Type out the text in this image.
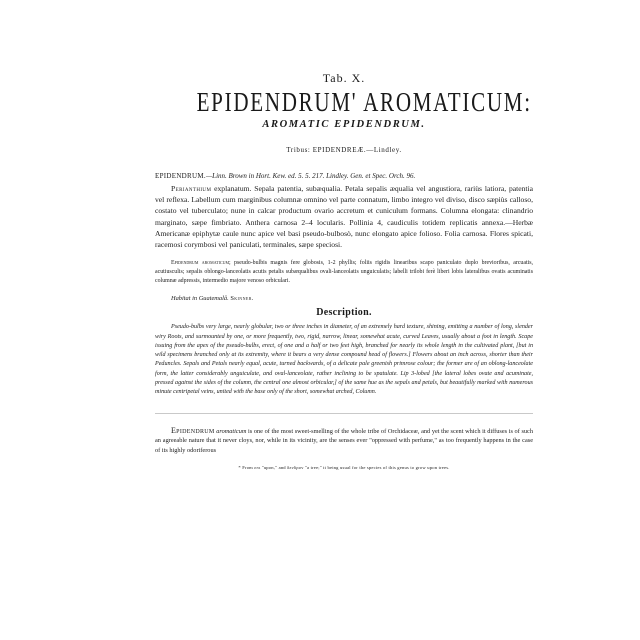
Tab. X.
EPIDENDRUM' AROMATICUM:
AROMATIC EPIDENDRUM.
Tribus: EPIDENDREÆ.—Lindley.
EPIDENDRUM.—Linn. Brown in Hort. Kew. ed. 5. 5. 217. Lindley. Gen. et Spec. Orch. 96.
Perianthium explanatum. Sepala patentia, subæqualia. Petala sepalis æqualia vel angustiora, rariùs latiora, patentia vel reflexa. Labellum cum marginibus columnæ omnino vel parte connatum, limbo integro vel diviso, disco sæpiùs calloso, costato vel tuberculato; nune in calcar productum ovario accretum et cuniculum formans. Columna elongata: clinandrio marginato, sæpe fimbriato. Anthera carnosa 2–4 locularis. Pollinia 4, caudiculis totidem replicatis annexa.—Herbæ Americanæ epiphytæ caule nunc apice vel basi pseudo-bulbosò, nunc elongato apice folioso. Folia carnosa. Flores spicati, racemosi corymbosi vel paniculati, terminales, sæpe speciosi.
Epidendrum aromaticum; pseudo-bulbis magnis fere globosis, 1-2 phyllis; foliis rigidis linearibus scapo paniculato duplo brevioribus, arcuatis, acutiusculis; sepalis oblongo-lanceolatis acutis petalis subæqualibus ovali-lanceolatis unguiculatis; labelli trilobi ferè liberi lobis lateralibus ovatis acuminatis columnæ adpressis, intermedio majore venoso orbiculari.
Habitat in Guatemalâ. Skinner.
Description.
Pseudo-bulbs very large, nearly globular, two or three inches in diameter, of an extremely hard texture, shining, emitting a number of long, slender wiry Roots, and surmounted by one, or more frequently, two, rigid, narrow, linear, somewhat acute, curved Leaves, usually about a foot in length. Scape issuing from the apex of the pseudo-bulbs, erect, of one and a half or two feet high, branched for nearly its whole length in the cultivated plant, [but in wild specimens branched only at its extremity, where it bears a very dense compound head of flowers.] Flowers about an inch across, shorter than their Peduncles. Sepals and Petals nearly equal, acute, turned backwards, of a delicate pale greenish primrose colour; the former are of an oblong-lanceolate form, the latter considerably unguiculate, and oval-lanceolate, rather inclining to be spatulate. Lip 3-lobed [the lateral lobes ovate and acuminate, pressed against the sides of the column, the central one almost orbicular,] of the same hue as the sepals and petals, but beautifully marked with numerous minute centripetal veins, united with the base only of the short, somewhat arched, Column.
Epidendrum aromaticum is one of the most sweet-smelling of the whole tribe of Orchidaceæ, and yet the scent which it diffuses is of such an agreeable nature that it never cloys, nor, while in its vicinity, are the senses ever "oppressed with perfume," as too frequently happens in the case of its highly odoriferous
* From επι "upon," and δενδρον "a tree;" it being usual for the species of this genus to grow upon trees.
